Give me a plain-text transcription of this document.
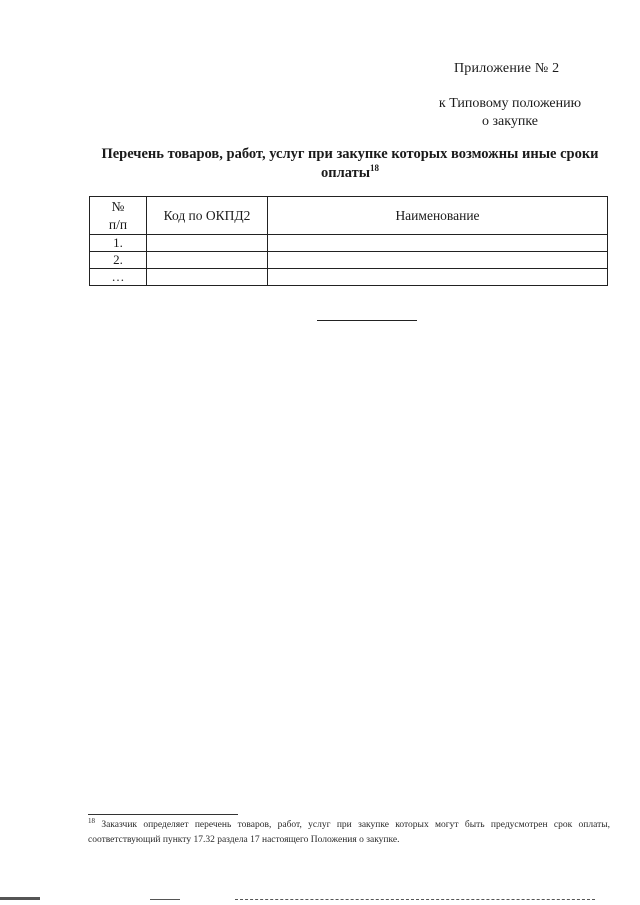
Приложение № 2
к Типовому положению
о закупке
Перечень товаров, работ, услуг при закупке которых возможны иные сроки оплаты$^{18}$
№
п/п	Код по ОКПД2	Наименование
1.		
2.		
…		
$^{18}$ Заказчик определяет перечень товаров, работ, услуг при закупке которых могут быть предусмотрен срок оплаты, соответствующий пункту 17.32 раздела 17 настоящего Положения о закупке.
